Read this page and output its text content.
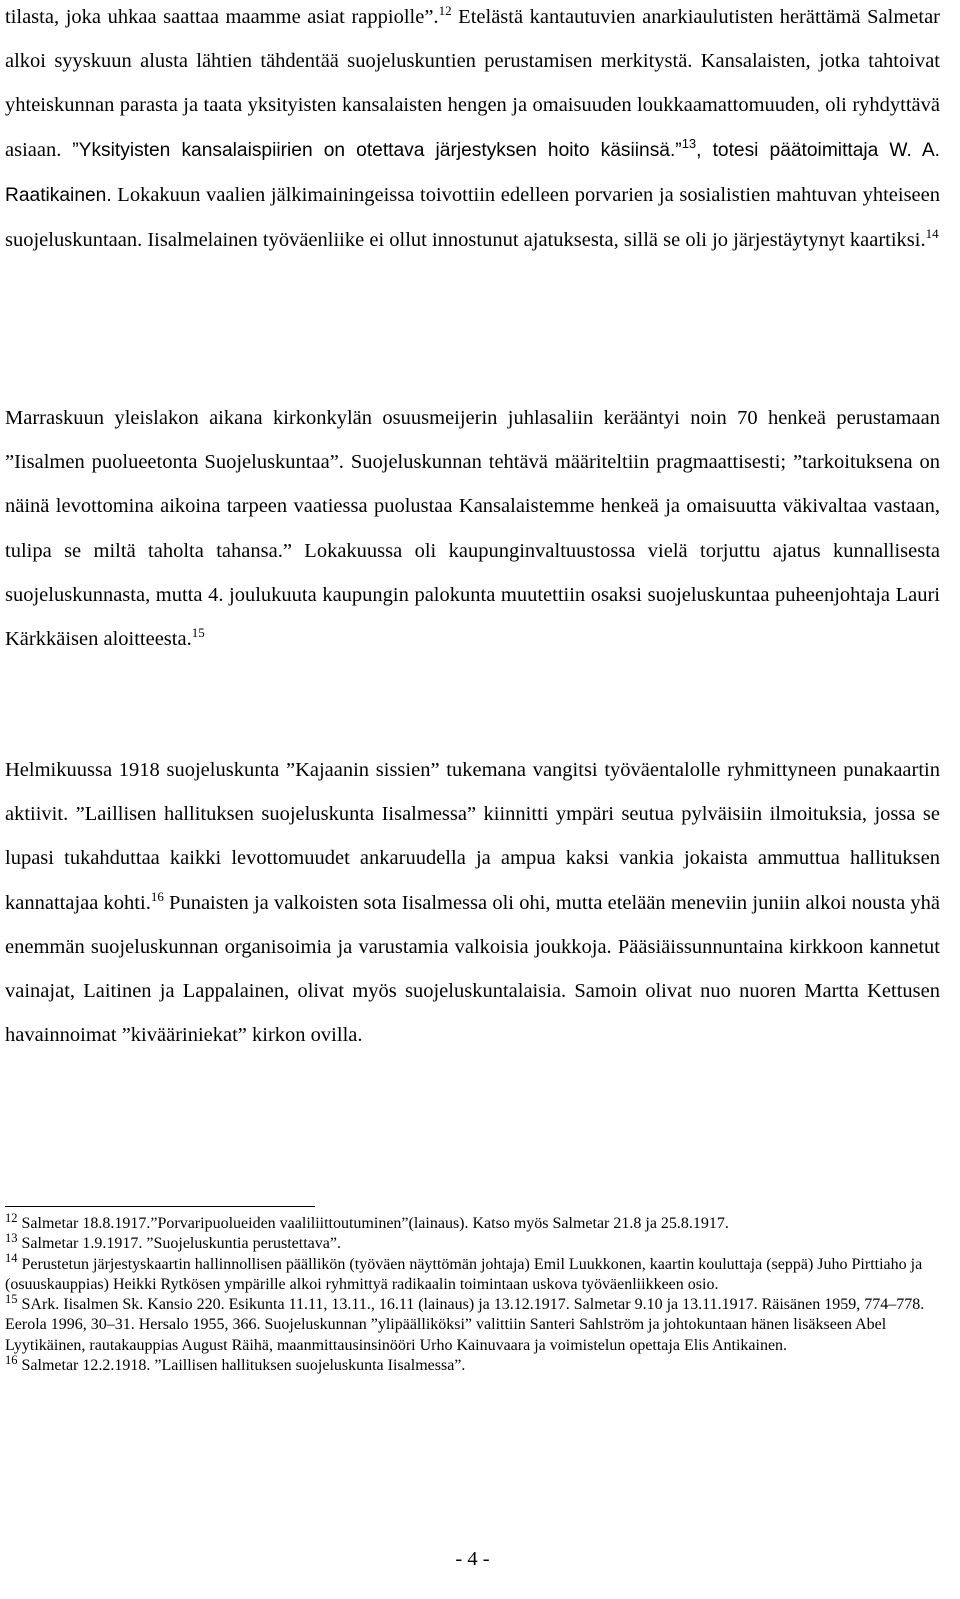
tilasta, joka uhkaa saattaa maamme asiat rappiolle”.$^{12}$ Etelästä kantautuvien anarkiaulutisten herättämä Salmetar alkoi syyskuun alusta lähtien tähdentää suojeluskuntien perustamisen merkitystä. Kansalaisten, jotka tahtoivat yhteiskunnan parasta ja taata yksityisten kansalaisten hengen ja omaisuuden loukkaamattomuuden, oli ryhdyttävä asiaan. ”Yksityisten kansalaispiirien on otettava järjestyksen hoito käsiinsä.”$^{13}$, totesi päätoimittaja W. A. Raatikainen. Lokakuun vaalien jälkimainingeissa toivottiin edelleen porvarien ja sosialistien mahtuvan yhteiseen suojeluskuntaan. Iisalmelainen työväenliike ei ollut innostunut ajatuksesta, sillä se oli jo järjestäytynyt kaartiksi.$^{14}$

Marraskuun yleislakon aikana kirkonkylän osuusmeijerin juhlasaliin kerääntyi noin 70 henkeä perustamaan ”Iisalmen puolueetonta Suojeluskuntaa”. Suojeluskunnan tehtävä määriteltiin pragmaattisesti; ”tarkoituksena on näinä levottomina aikoina tarpeen vaatiessa puolustaa Kansalaistemme henkeä ja omaisuutta väkivaltaa vastaan, tulipa se miltä taholta tahansa.” Lokakuussa oli kaupunginvaltuustossa vielä torjuttu ajatus kunnallisesta suojeluskunnasta, mutta 4. joulukuuta kaupungin palokunta muutettiin osaksi suojeluskuntaa puheenjohtaja Lauri Kärkkäisen aloitteesta.$^{15}$

Helmikuussa 1918 suojeluskunta ”Kajaanin sissien” tukemana vangitsi työväentalolle ryhmittyneen punakaartin aktiivit. ”Laillisen hallituksen suojeluskunta Iisalmessa” kiinnitti ympäri seutua pylväisiin ilmoituksia, jossa se lupasi tukahduttaa kaikki levottomuudet ankaruudella ja ampua kaksi vankia jokaista ammuttua hallituksen kannattajaa kohti.$^{16}$ Punaisten ja valkoisten sota Iisalmessa oli ohi, mutta etelään meneviin juniin alkoi nousta yhä enemmän suojeluskunnan organisoimia ja varustamia valkoisia joukkoja. Pääsiäissunnuntaina kirkkoon kannetut vainajat, Laitinen ja Lappalainen, olivat myös suojeluskuntalaisia. Samoin olivat nuo nuoren Martta Kettusen havainnoimat ”kivääriniekat” kirkon ovilla.

$^{12}$ Salmetar 18.8.1917.”Porvaripuolueiden vaaliliittoutuminen”(lainaus). Katso myös Salmetar 21.8 ja 25.8.1917.

$^{13}$ Salmetar 1.9.1917. ”Suojeluskuntia perustettava”.

$^{14}$ Perustetun järjestyskaartin hallinnollisen päällikön (työväen näyttömän johtaja) Emil Luukkonen, kaartin kouluttaja (seppä) Juho Pirttiaho ja (osuuskauppias) Heikki Rytkösen ympärille alkoi ryhmittyä radikaalin toimintaan uskova työväenliikkeen osio.

$^{15}$ SArk. Iisalmen Sk. Kansio 220. Esikunta 11.11, 13.11., 16.11 (lainaus) ja 13.12.1917. Salmetar 9.10 ja 13.11.1917. Räisänen 1959, 774–778. Eerola 1996, 30–31. Hersalo 1955, 366. Suojeluskunnan ”ylipäälliköksi” valittiin Santeri Sahlström ja johtokuntaan hänen lisäkseen Abel Lyytikäinen, rautakauppias August Räihä, maanmittausinsinööri Urho Kainuvaara ja voimistelun opettaja Elis Antikainen.

$^{16}$ Salmetar 12.2.1918. ”Laillisen hallituksen suojeluskunta Iisalmessa”.

- 4 -
